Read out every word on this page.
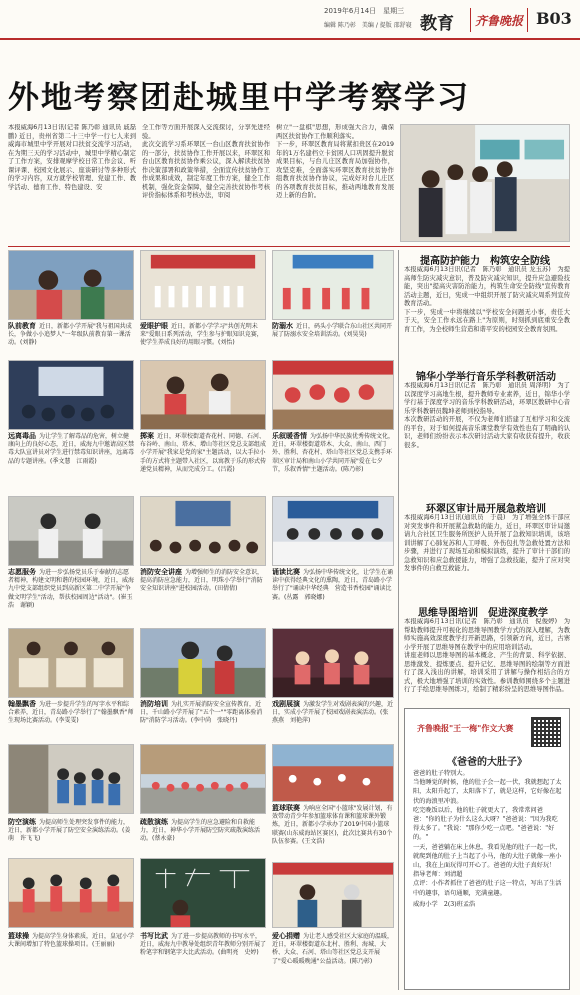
2019年6月14日　星期三
编辑 陈乃彰　美编 / 提版 邵舒寝 教育	齐鲁晚报 B03
外地考察团赴城里中学考察学习
本报威海6月13日讯(记者 陈乃彰 通讯员 戚磊鹏) 近日，贵州省第二十三中学一行七人来到威海市城里中学开展对口扶贫交流学习活动，在为期三天的学习活动中，城里中学精心制定了工作方案，安排观摩学校日常工作会议、听课评课、校园文化展示、座谈研讨等多种形式的学习内容，双方就学校管理、党建工作、教学活动、德育工作、特色建设、安
全工作等方面开展深入交流探讨，分享先进经验。
此次交流学习系环翠区一台山区教育扶贫协作的一部分，扶贫协作工作开展以来，环翠区和台山区教育扶贫协作乘公议，深入解读扶贫协作决策部署和政策举措，全面宣传扶贫协作工作成果和成效，制定年度工作方案，健全工作机制，强化资金保障，健全完善扶贫协作考核评价指标体系和考核办法，审阅
树立"一盘棋"思想，形成强大合力，确保两区扶贫协作工作顺利落实。
下一步，环翠区教育局将紧扣贵区在2019年的1万名建档立卡贫困人口巩固提升脱贫成果目标，与台儿庄区教育局加强协作，攻坚克难，全面落实环翠区教育扶贫协作组教育扶贫协作协议，完成好对台儿庄区的各项教育扶贫目标，推动两地教育发展迈上新的台阶。
队前教育 近日，新都小学开展"我与祖国共成长，争做小小追梦人"一年级队前教育第一课活动。(刘静)
爱眼护眼 近日，新都小学学习"共创光明未来"爱眼日系列活动，学生参与护眼知识竞赛，使学生养成良好的用眼习惯。(刘怡)
防溺水 近日，码头小学联合东山社区共同开展了防溺水安全培训活动。(刘昊昊)
远离毒品 为让学生了解毒品的危害，树立健康向上的良好心态，近日，威海九中邀请高区禁毒大队宣讲员对学生进行禁毒知识讲座，远离毒品的专题讲座。(季文慧　江雨霞)
掷案 近日，环翠校街道杏花村、同德、石河、布谷岭、南山、塔木、增山等社区党总支部组成小学开展"我家是党的家"主题活动，以大手拉小手的方式将主题带入社区，以寓教于乐的形式传递党员精神，从而完成分工。(吕霞)
乐叙暖香情 为弘扬中华民族优秀传统文化，近日，环翠楼街道塔木、大众、南山、西门外、胜利、杏花村、塔山等社区党总支携手环翠区审计局和南山小学共同开展"爱在七夕节，乐叙香情"主题活动。(陈乃彰)
志愿服务 为进一步弘扬党员乐于奉献的志愿者精神，构建文明和谐的校园环境，近日，威海九中党支部组织党员到高新区第二中学开展"争做文明学生"活动，帮扶校园周边"活动"。(崔玉浩　谢颖)
消防安全讲座 为增强师生的消防安全意识，提高消防应急能力，近日，明珠小学举行"消防安全知识讲座"进校园活动。(田倩倩)
诵读比赛 为弘扬中华传统文化，让学生在诵读中获得经典文化的熏陶，近日，青岛路小学举行了"诵读中华经典　营造书香校园"诵读比赛。(丛露　郭晓娜)
翰墨飘香 为进一步提升学生的写字水平和综合素养，近日，青岛路小学举行了"翰墨飘香"师生现场比赛活动。(李雯雯)
消防培训 为扎实开展消防安全宣传教育，近日，千山路小学开展了"五个一""零距离体验消防"消防学习活动。(李中尚　张晓丹)
戏剧展演 为激发学生对戏剧表演的兴趣，近日，实成小学开展了校园戏剧表演活动。(张燕燕　刘艳萍)
防空演练 为提高师生处理突发事件的能力，近日，新都小学开展了防空安全演练活动。(姜萌　许飞飞)
疏散演练 为提高学生的应急避险和自救能力，近日，神华小学开展防空防灾疏散演练活动。(蔡永豪)
篮球联赛 为响应全国"小篮球"发展计划，有效带动青少年参加篮球体育课和篮球课外锻炼，近日，新都小学承办了2019中国小篮球联赛(山东威海站区赛区)，此次比赛共有30个队伍参赛。(王文浩)
篮球操 为提高学生身体素质，近日，皇冠小学大课间增加了特色篮球操项目。(王丽丽)
书写比武 为了进一步提高教师的书写水平，近日，威海九中教导处组织青年教师分别开展了粉笔字和钢笔字大比武活动。(曲明亮　史婷)
爱心捐赠 为让老人感受社区大家庭的温暖，近日，环翠楼街道东北村、胜利、海城、大桥、大众、石河、塔山等社区党总支开展了"爱心暖暖晚通"公益活动。(陈乃彰)
提高防护能力　构筑安全防线
本报威海6月13日讯(记者　陈乃彰　通讯员 龙玉苏)　为提高师生防灾减灾意识，普及防灾减灾知识，提升应急避险技能，突出"提高灾害防治能力，构筑生命安全防线"宣传教育活动主题，近日，宪成一中组织开展了防灾减灾周系列宣传教育活动。
下一步，宪成一中将继续以"学校安全问题无小事，责任大于天，安全工作永远在路上"为原则，时刻抓到底重安全教育工作，为全校师生营造和谐平安的校园安全教育氛围。
锦华小学举行音乐学科教研活动
本报威海6月13日讯(记者　陈乃彰　通讯员 周泽明)　为了以深度学习高地生根，提升教师专业素养，近日，锦华小学学行基于深度学习的音乐学科教研活动，环翠区教研中心音乐学科教研员魏坤老师到校指导。
本次教研活动的开展，不仅为老师们搭建了互相学习和交流的平台，对于如何提高音乐课堂教学有效性也有了明确的认识，老师们纷纷表示本次研讨活动大家有收获有提升，收获很多。
环翠区审计局开展急救培训
本报威海6月13日讯(通讯员　于晨)　为了增强全体干部应对突发事件和开展紧急救助的能力，近日，环翠区审计局邀请九合社区卫生服务所医护人员开展了急救知识培训，该培训讲解了心肺复苏和人工呼吸、外伤包扎等急救处置方法和步骤，并进行了现场互动和模拟演练，提升了审计干部们的急救知识和应急救援能力，增强了急救技能，提升了应对突发事件的自救互救能力。
思维导图培训　促进深度教学
本报威海6月13日讯(记者　陈乃彰　通讯员　倪俊婷)　为帮助教师提升可视化的思维导图教学方式的深入理解，为教师实施高效深度教学打开新思路，引领新方向，近日，古寨小学开展了思维导图在教学中的应用培训活动。
讲座老师以思维导图的基本概念、产生的背景、科学依据、思维激发、提炼要点、提升记忆、思维导图的绘制等方面进行了深入浅出的讲解，培训采用了讲解与操作相结合的方式，极大地增强了培训的实效性。参训教师围绕多个主题进行了手绘思维导图练习，绘制了精彩纷呈的思维导图作品。
齐鲁晚报"王一梅"作文大赛
《爸爸的大肚子》
爸爸的肚子特别大。
当他睡觉的时候，他的肚子会一起一伏，我就想起了太阳，太阳升起了，太阳落下了，就是这样，它好像在起伏的海浪里冲浪。
吃完晚饭以后，他的肚子就更大了，我常常问爸爸："你的肚子为什么这么大呀？"爸爸说："因为我吃得太多了。"我说："那你少吃一点吧。"爸爸说："好的。"
一天，爸爸躺在床上休息，我看见他的肚子一起一伏，就爬到他的肚子上当起了小马，他的大肚子就像一座小山，我在上面玩得可开心了。爸爸的大肚子真好玩！
指导老师：刘清超
点评：小作者抓住了爸爸的肚子这一特点，写出了生活中的趣事，语句通顺，充满童趣。
威海小学　2(3)班孟浩
